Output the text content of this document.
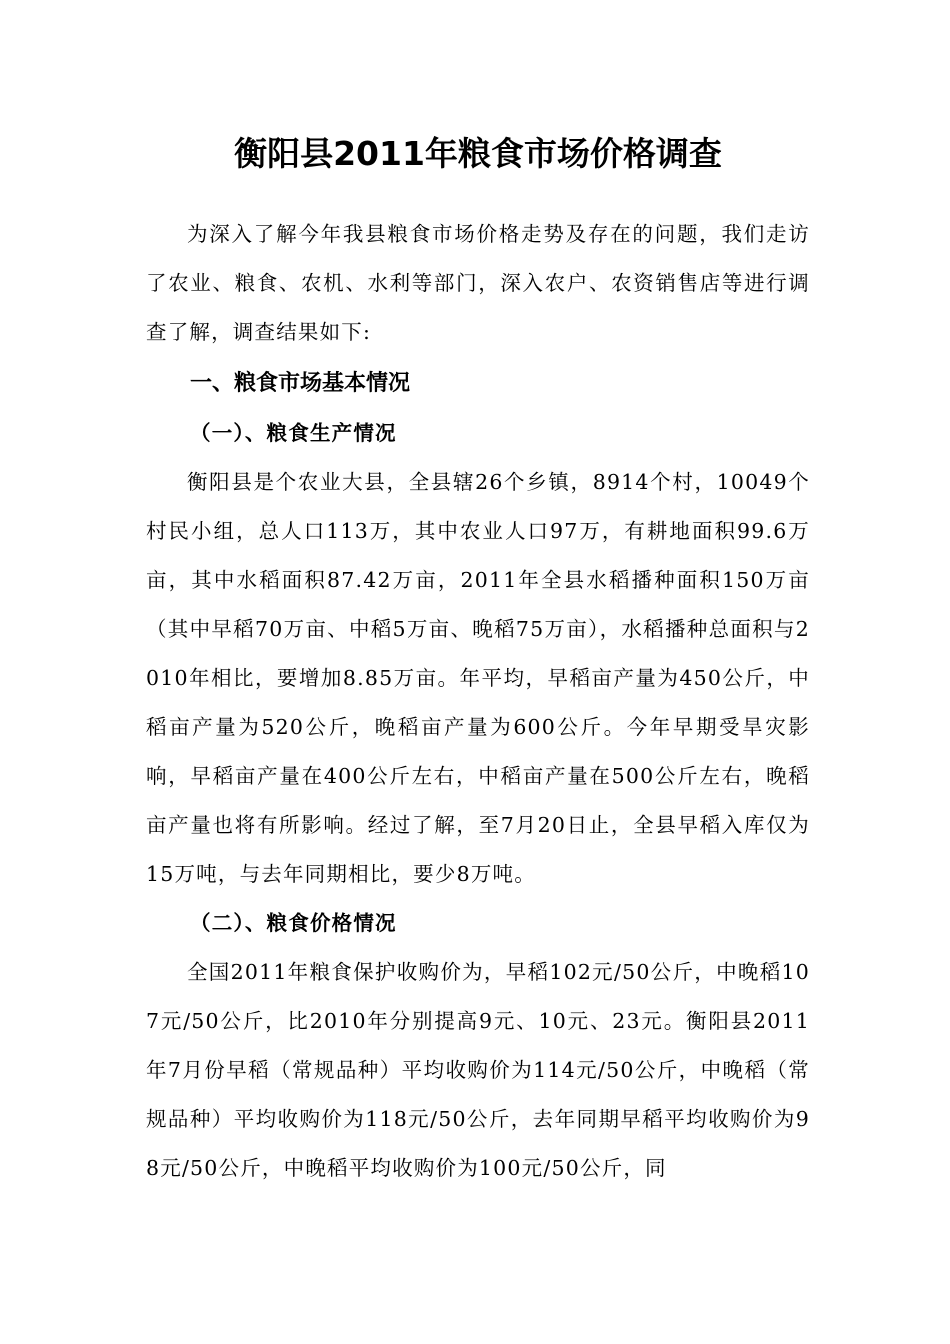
衡阳县2011年粮食市场价格调查

为深入了解今年我县粮食市场价格走势及存在的问题，我们走访了农业、粮食、农机、水利等部门，深入农户、农资销售店等进行调查了解，调查结果如下:

一、粮食市场基本情况
（一）、粮食生产情况

衡阳县是个农业大县，全县辖26个乡镇，8914个村，10049个村民小组，总人口113万，其中农业人口97万，有耕地面积99.6万亩，其中水稻面积87.42万亩，2011年全县水稻播种面积150万亩（其中早稻70万亩、中稻5万亩、晚稻75万亩），水稻播种总面积与2010年相比，要增加8.85万亩。年平均，早稻亩产量为450公斤，中稻亩产量为520公斤，晚稻亩产量为600公斤。今年早期受旱灾影响，早稻亩产量在400公斤左右，中稻亩产量在500公斤左右，晚稻亩产量也将有所影响。经过了解，至7月20日止，全县早稻入库仅为15万吨，与去年同期相比，要少8万吨。

（二）、粮食价格情况

全国2011年粮食保护收购价为，早稻102元/50公斤，中晚稻107元/50公斤，比2010年分别提高9元、10元、23元。衡阳县2011年7月份早稻（常规品种）平均收购价为114元/50公斤，中晚稻（常规品种）平均收购价为118元/50公斤，去年同期早稻平均收购价为98元/50公斤，中晚稻平均收购价为100元/50公斤，同
